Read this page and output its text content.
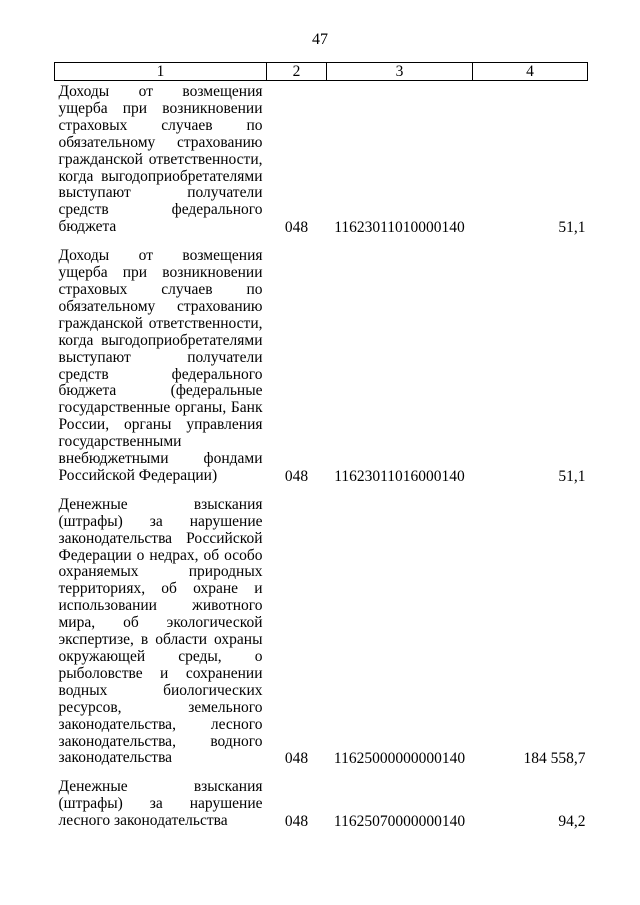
47
1	2	3	4

Доходы от возмещения ущерба при возникновении страховых случаев по обязательному страхованию гражданской ответственности, когда выгодоприобретателями выступают получатели средств федерального бюджета	048	11623011010000140	51,1

Доходы от возмещения ущерба при возникновении страховых случаев по обязательному страхованию гражданской ответственности, когда выгодоприобретателями выступают получатели средств федерального бюджета (федеральные государственные органы, Банк России, органы управления государственными внебюджетными фондами Российской Федерации)	048	11623011016000140	51,1

Денежные взыскания (штрафы) за нарушение законодательства Российской Федерации о недрах, об особо охраняемых природных территориях, об охране и использовании животного мира, об экологической экспертизе, в области охраны окружающей среды, о рыболовстве и сохранении водных биологических ресурсов, земельного законодательства, лесного законодательства, водного законодательства	048	11625000000000140	184 558,7

Денежные взыскания (штрафы) за нарушение лесного законодательства	048	11625070000000140	94,2
